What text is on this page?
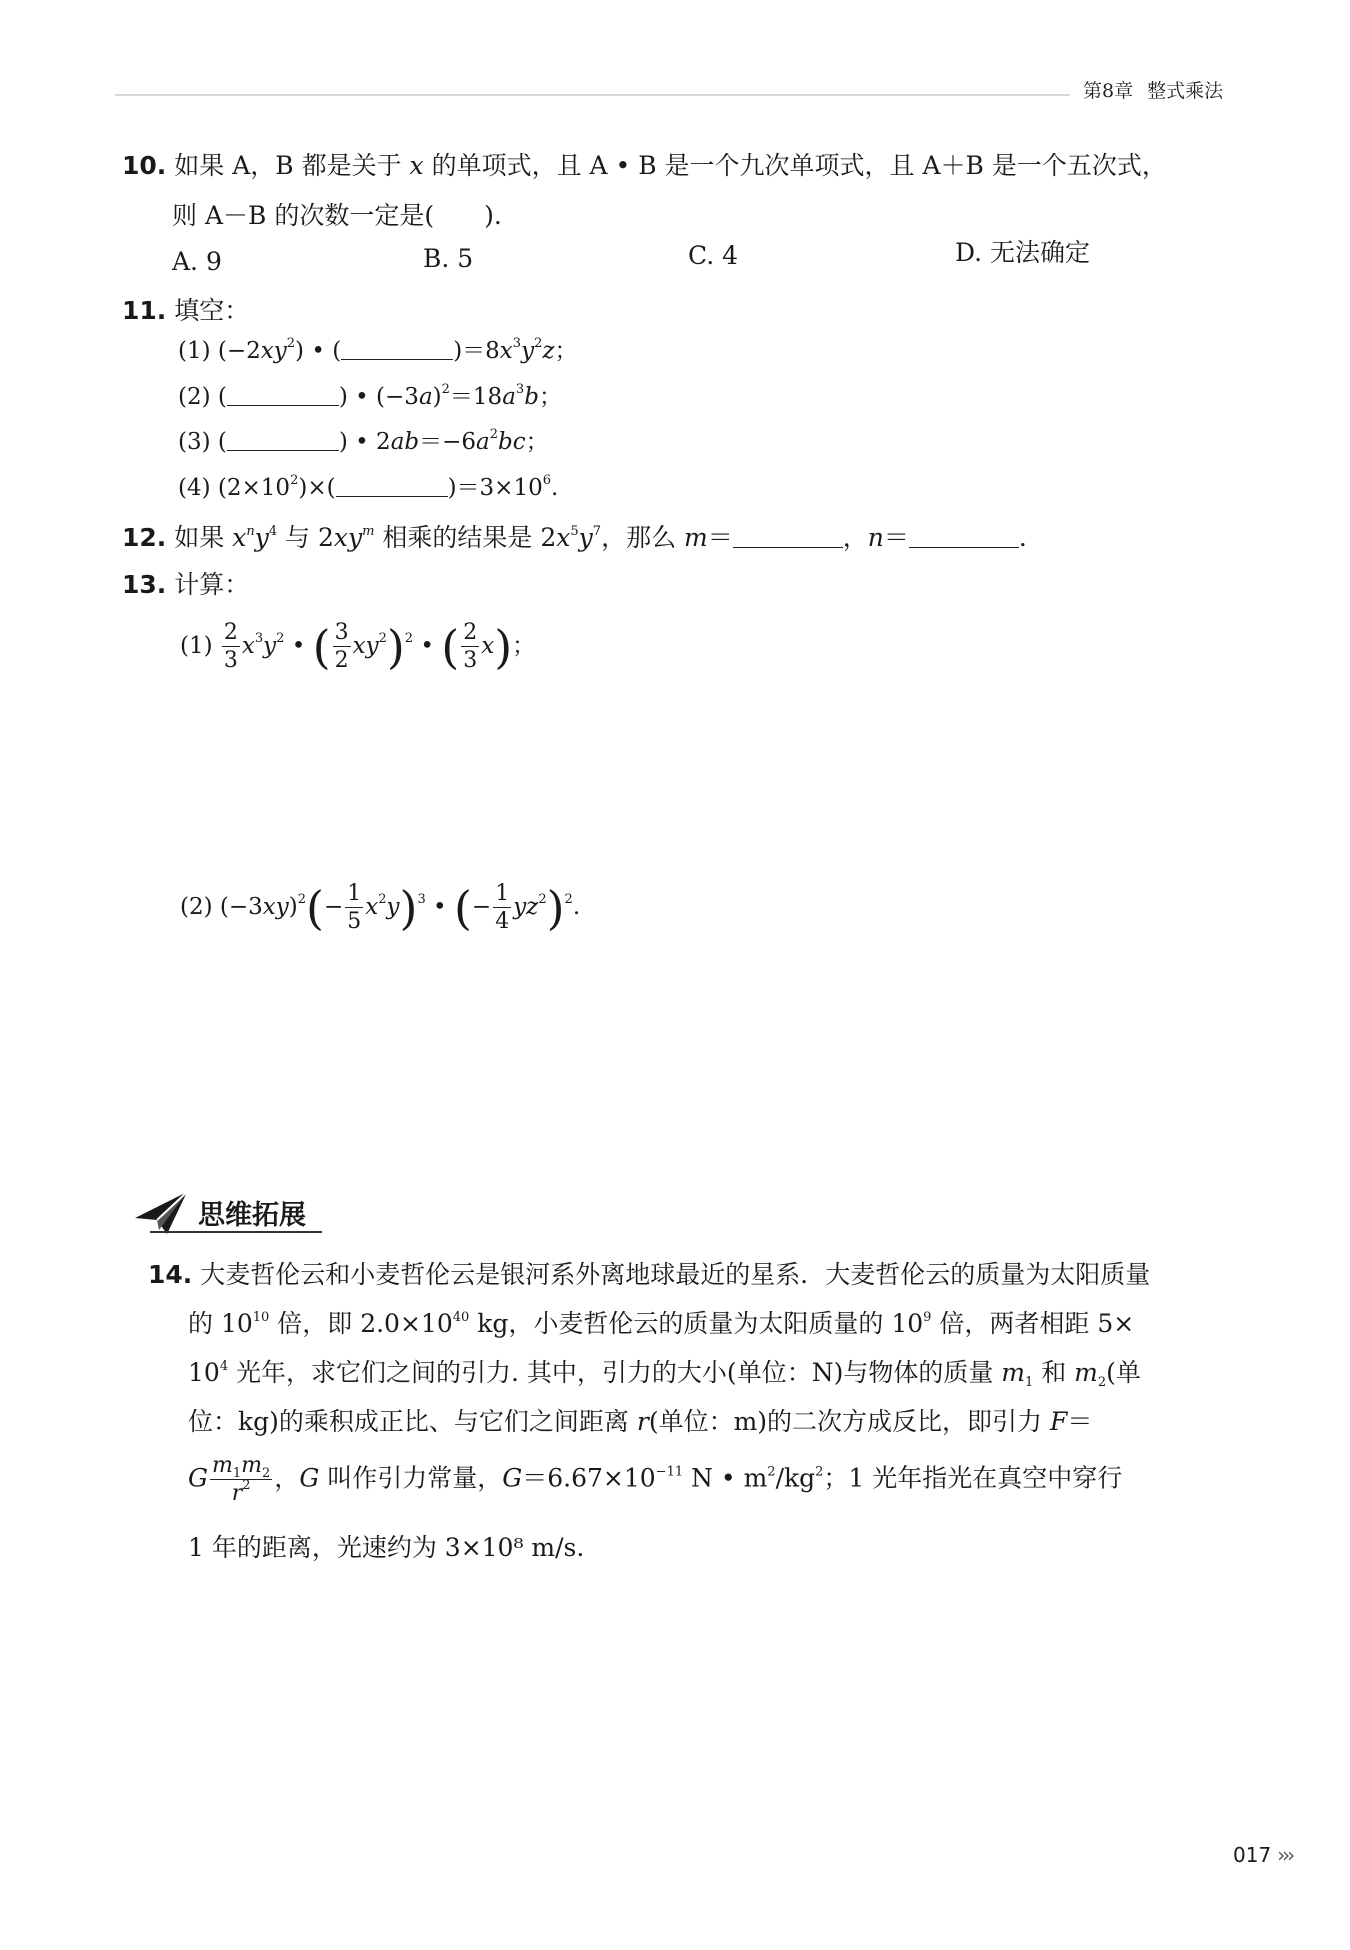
第8章 整式乘法
10. 如果 A，B 都是关于 x 的单项式，且 A • B 是一个九次单项式，且 A＋B 是一个五次式，
则 A－B 的次数一定是(　　).
A. 9	B. 5	C. 4	D. 无法确定
11. 填空：
(1) $(-2xy^2)$ • (	)$=8x^3y^2z$；
(2) (	) • $(-3a)^2=18a^3b$；
(3) (	) • $2ab=-6a^2bc$；
(4) $(2\times 10^2)\times$(	)$=3\times 10^6$.
12. 如果 $x^ny^4$ 与 $2xy^m$ 相乘的结果是 $2x^5y^7$，那么 m＝	，n＝	.
13. 计算：
$(1) \frac{2}{3} x^3y^2$ • ( $\frac{3}{2} xy^2)^2$ • ( $\frac{2}{3} x$)；
(2) $(-3xy)^2(- \frac{1}{5} x^2y)^3$ • (− $\frac{1}{4} yz^2)^2$.
思维拓展
14. 大麦哲伦云和小麦哲伦云是银河系外离地球最近的星系．大麦哲伦云的质量为太阳质量
的 $10^{10}$ 倍，即 $2.0\times 10^{40}$ kg，小麦哲伦云的质量为太阳质量的 $10^9$ 倍，两者相距 5×
$10^4$ 光年，求它们之间的引力. 其中，引力的大小(单位：N)与物体的质量 $m_1$ 和 $m_2$(单
位：kg)的乘积成正比、与它们之间距离 r(单位：m)的二次方成反比，即引力 F＝
G $\frac{m_1m_2}{r^2}$ ，G 叫作引力常量，$G=6.67\times 10^{-11}$ N • $m^2/kg^2$；1 光年指光在真空中穿行
1 年的距离，光速约为 3×10⁸ m/s.
017 ›››
